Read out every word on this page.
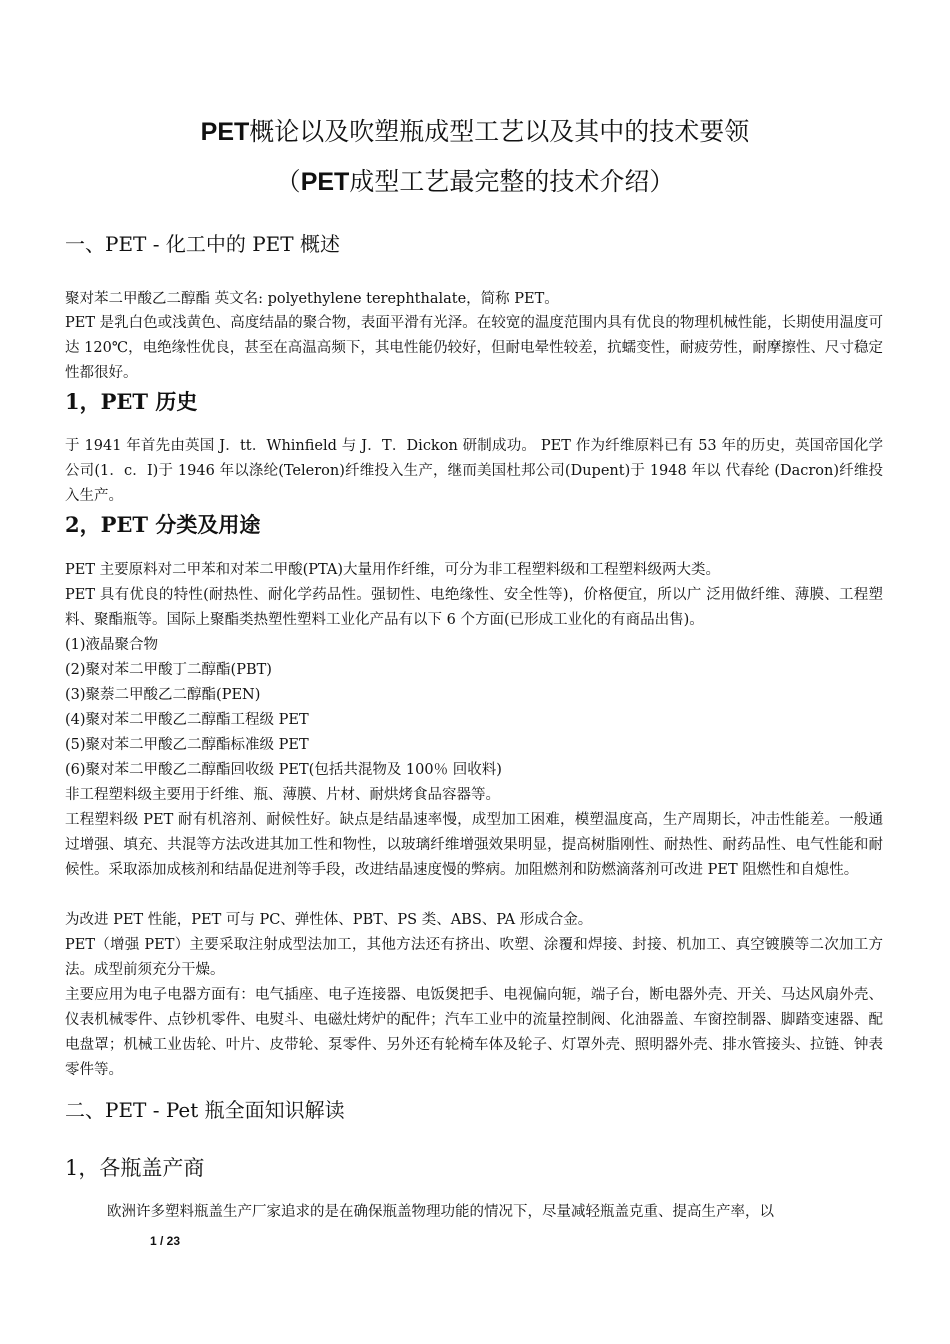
PET概论以及吹塑瓶成型工艺以及其中的技术要领
（PET成型工艺最完整的技术介绍）
一、PET - 化工中的 PET 概述
聚对苯二甲酸乙二醇酯 英文名: polyethylene terephthalate，简称 PET。
PET 是乳白色或浅黄色、高度结晶的聚合物，表面平滑有光泽。在较宽的温度范围内具有优良的物理机械性能，长期使用温度可达 120℃，电绝缘性优良，甚至在高温高频下，其电性能仍较好，但耐电晕性较差，抗蠕变性，耐疲劳性，耐摩擦性、尺寸稳定性都很好。
1，PET 历史
于 1941 年首先由英国 J．tt．Whinfield 与 J．T．Dickon 研制成功。 PET 作为纤维原料已有 53 年的历史，英国帝国化学公司(1．c．I)于 1946 年以涤纶(Teleron)纤维投入生产，继而美国杜邦公司(Dupent)于 1948 年以 代春纶 (Dacron)纤维投入生产。
2，PET 分类及用途
PET 主要原料对二甲苯和对苯二甲酸(PTA)大量用作纤维，可分为非工程塑料级和工程塑料级两大类。
PET 具有优良的特性(耐热性、耐化学药品性。强韧性、电绝缘性、安全性等)，价格便宜，所以广 泛用做纤维、薄膜、工程塑料、聚酯瓶等。国际上聚酯类热塑性塑料工业化产品有以下 6 个方面(已形成工业化的有商品出售)。
(1)液晶聚合物
(2)聚对苯二甲酸丁二醇酯(PBT)
(3)聚萘二甲酸乙二醇酯(PEN)
(4)聚对苯二甲酸乙二醇酯工程级 PET
(5)聚对苯二甲酸乙二醇酯标准级 PET
(6)聚对苯二甲酸乙二醇酯回收级 PET(包括共混物及 100％ 回收料)
非工程塑料级主要用于纤维、瓶、薄膜、片材、耐烘烤食品容器等。
工程塑料级 PET 耐有机溶剂、耐候性好。缺点是结晶速率慢，成型加工困难，模塑温度高，生产周期长，冲击性能差。一般通过增强、填充、共混等方法改进其加工性和物性，以玻璃纤维增强效果明显，提高树脂刚性、耐热性、耐药品性、电气性能和耐候性。采取添加成核剂和结晶促进剂等手段，改进结晶速度慢的弊病。加阻燃剂和防燃滴落剂可改进 PET 阻燃性和自熄性。
为改进 PET 性能，PET 可与 PC、弹性体、PBT、PS 类、ABS、PA 形成合金。
PET（增强 PET）主要采取注射成型法加工，其他方法还有挤出、吹塑、涂覆和焊接、封接、机加工、真空镀膜等二次加工方法。成型前须充分干燥。
主要应用为电子电器方面有：电气插座、电子连接器、电饭煲把手、电视偏向轭，端子台，断电器外壳、开关、马达风扇外壳、仪表机械零件、点钞机零件、电熨斗、电磁灶烤炉的配件；汽车工业中的流量控制阀、化油器盖、车窗控制器、脚踏变速器、配电盘罩；机械工业齿轮、叶片、皮带轮、泵零件、另外还有轮椅车体及轮子、灯罩外壳、照明器外壳、排水管接头、拉链、钟表零件等。
二、PET - Pet 瓶全面知识解读
1，各瓶盖产商
欧洲许多塑料瓶盖生产厂家追求的是在确保瓶盖物理功能的情况下，尽量减轻瓶盖克重、提高生产率，以
1 / 23
